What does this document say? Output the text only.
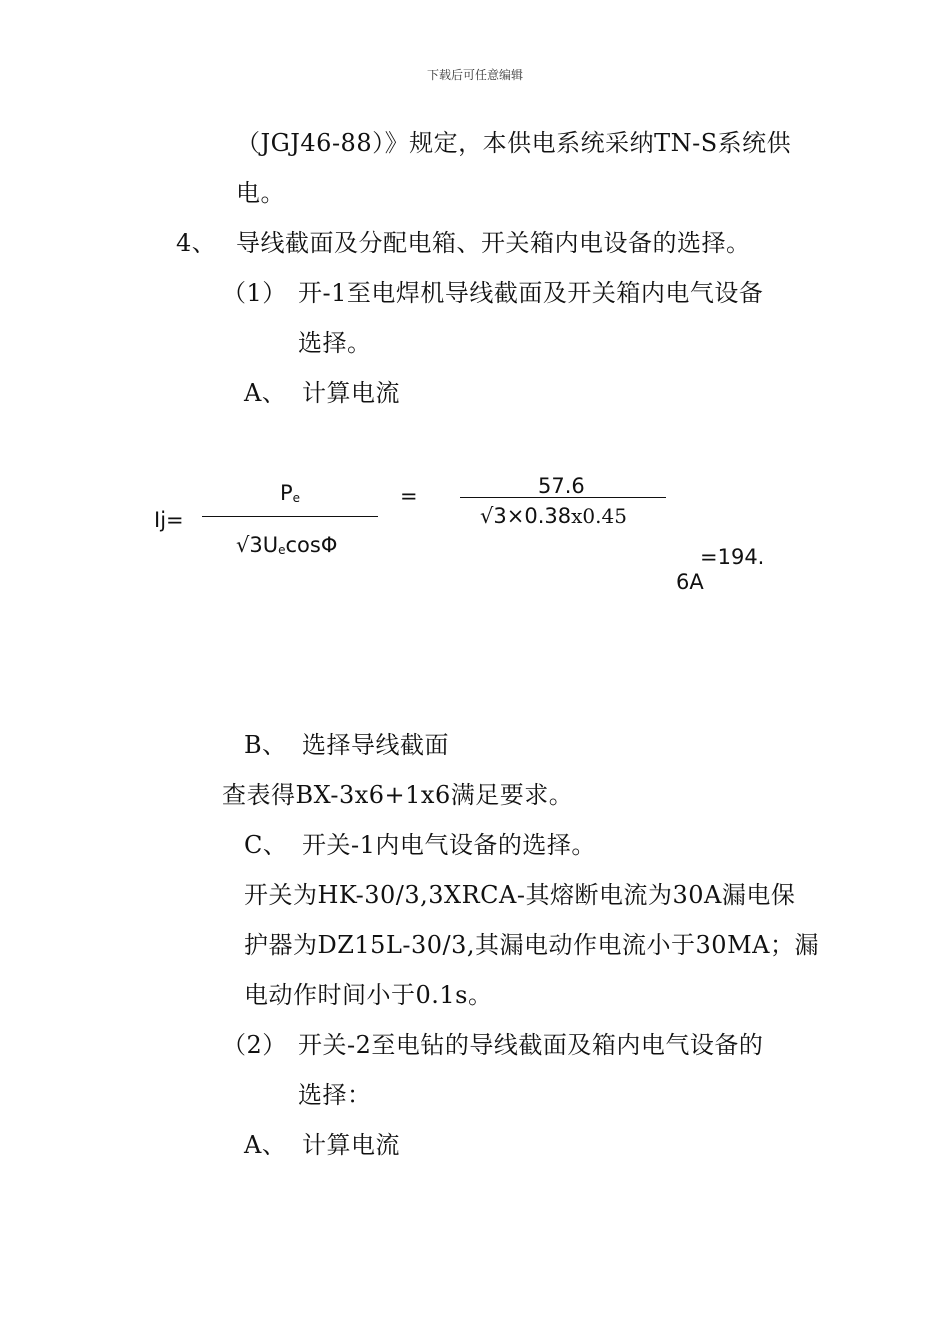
下载后可任意编辑
（JGJ46-88）》规定，本供电系统采纳TN-S系统供
电。
4、 导线截面及分配电箱、开关箱内电设备的选择。
（1） 开-1至电焊机导线截面及开关箱内电气设备
选择。
A、 计算电流
Ij=
Pe
√3UecosΦ
=	57.6
√3×0.38x0.45
=194.
6A
B、 选择导线截面
查表得BX-3x6+1x6满足要求。
C、 开关-1内电气设备的选择。
开关为HK-30/3,3XRCA-其熔断电流为30A漏电保
护器为DZ15L-30/3,其漏电动作电流小于30MA；漏
电动作时间小于0.1s。
（2） 开关-2至电钻的导线截面及箱内电气设备的
选择：
A、 计算电流
